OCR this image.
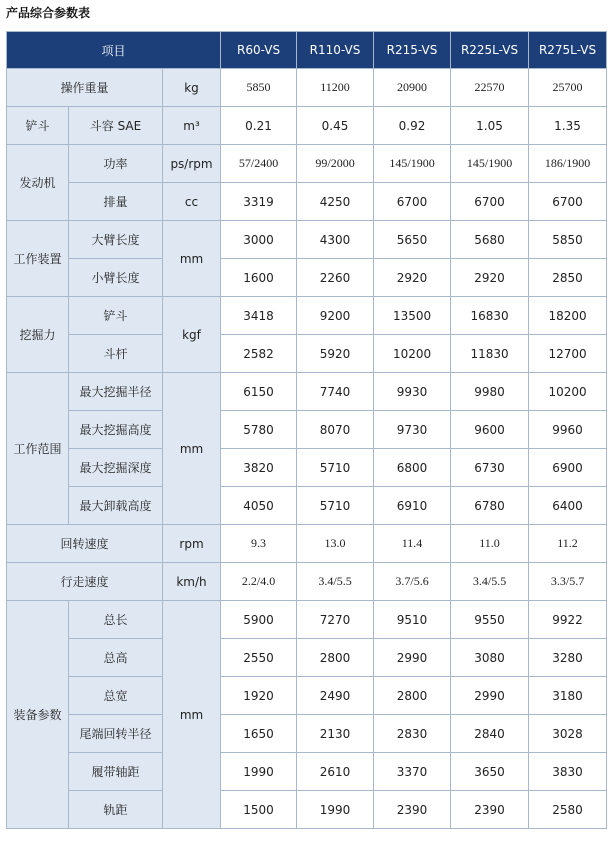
产品综合参数表
项目			R60-VS	R110-VS	R215-VS	R225L-VS	R275L-VS
操作重量		kg	5850	11200	20900	22570	25700
铲斗	斗容 SAE	m³	0.21	0.45	0.92	1.05	1.35
发动机	功率	ps/rpm	57/2400	99/2000	145/1900	145/1900	186/1900
	排量	cc	3319	4250	6700	6700	6700
工作装置	大臂长度	mm	3000	4300	5650	5680	5850
	小臂长度		1600	2260	2920	2920	2850
挖掘力	铲斗	kgf	3418	9200	13500	16830	18200
	斗杆		2582	5920	10200	11830	12700
工作范围	最大挖掘半径	mm	6150	7740	9930	9980	10200
	最大挖掘高度		5780	8070	9730	9600	9960
	最大挖掘深度		3820	5710	6800	6730	6900
	最大卸载高度		4050	5710	6910	6780	6400
回转速度		rpm	9.3	13.0	11.4	11.0	11.2
行走速度		km/h	2.2/4.0	3.4/5.5	3.7/5.6	3.4/5.5	3.3/5.7
装备参数	总长	mm	5900	7270	9510	9550	9922
	总高		2550	2800	2990	3080	3280
	总宽		1920	2490	2800	2990	3180
	尾端回转半径		1650	2130	2830	2840	3028
	履带轴距		1990	2610	3370	3650	3830
	轨距		1500	1990	2390	2390	2580
